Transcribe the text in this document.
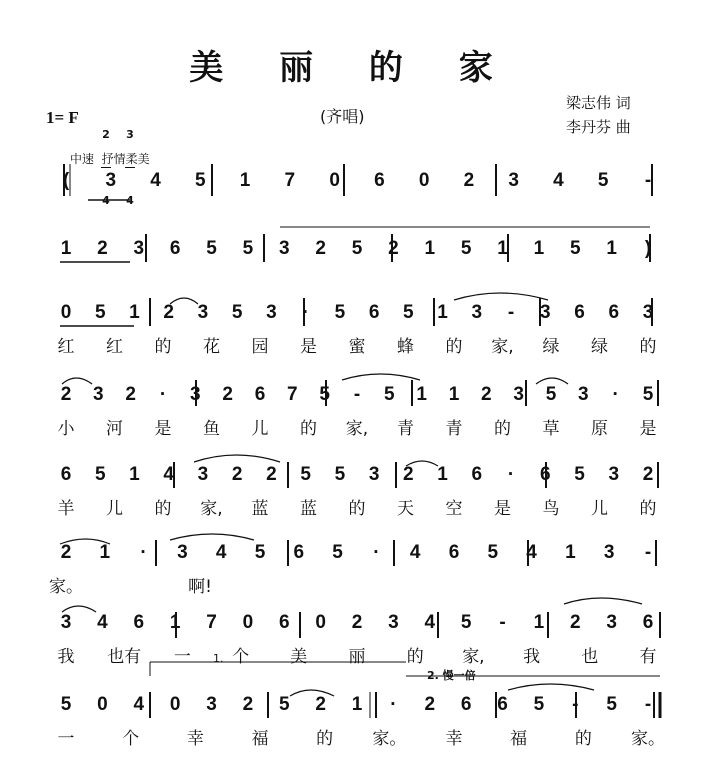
美 丽 的 家
1= F

2

4

3

4

(齐唱)
梁志伟 词
李丹芬 曲
中速  抒情柔美
1.
2. 慢一倍
( 3 4 5 1 7 0 6 0 2 3 4 5 -
1 2 3 6 5 5 3 2 5 2 1 5 1 1 5 1 )
0 5 1 2 3 5 3 · 5 6 5 1 3 - 3 6 6 3
红 红 的 花 园 是 蜜 蜂 的 家, 绿 绿 的
2 3 2 · 3 2 6 7 5 - 5 1 1 2 3 5 3 · 5
小 河 是 鱼 儿 的 家, 青 青 的 草 原 是
6 5 1 4 3 2 2 5 5 3 2 1 6 · 6 5 3 2
羊 儿 的 家, 蓝 蓝 的 天 空 是 鸟 儿 的
2 1 · 3 4 5 6 5 · 4 6 5 4 1 3 -
家。	啊!
3 4 6 1 7 0 6 0 2 3 4 5 - 1 2 3 6
我 也有 一 个 美 丽 的 家, 我 也 有
5 0 4 0 3 2 5 2 1 · 2 6 6 5 - 5 -
一	个	幸	福	的 家。 幸	福	的 家。
